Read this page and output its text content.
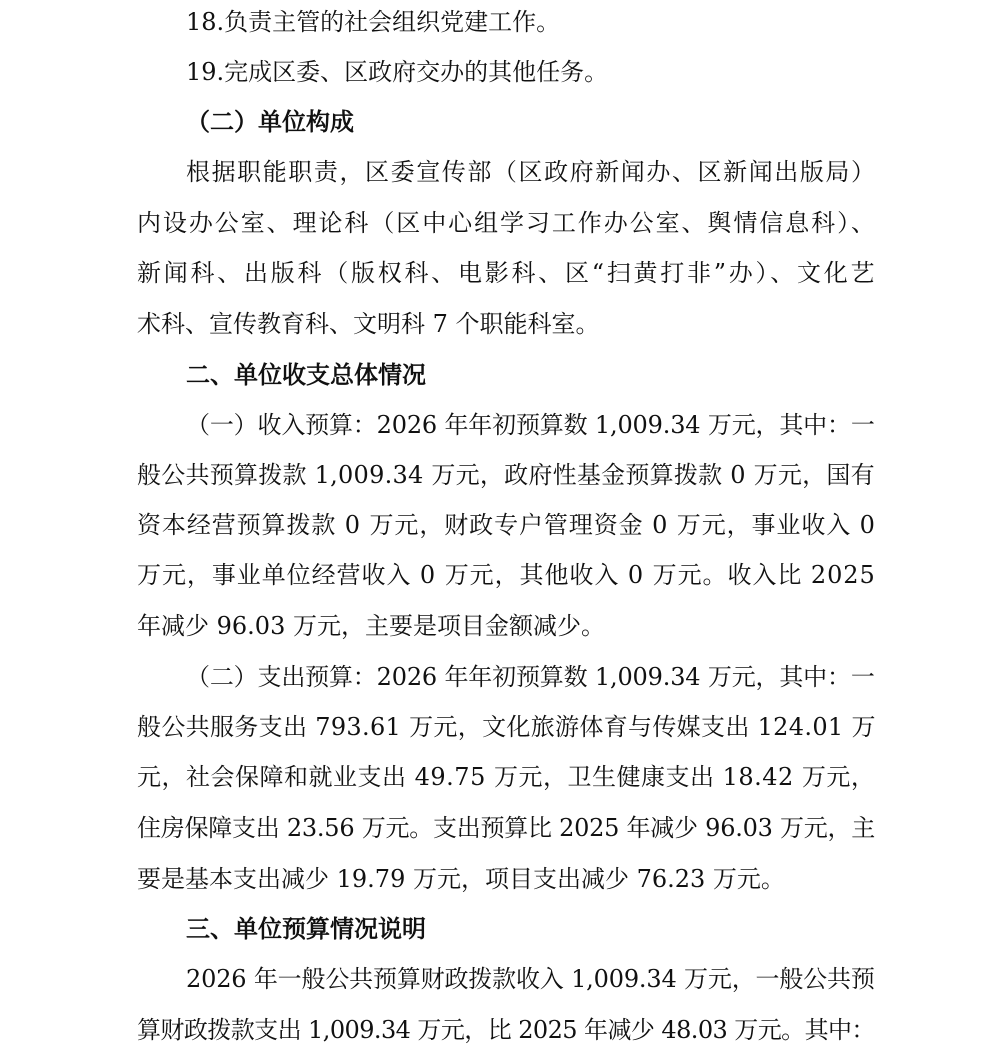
18.负责主管的社会组织党建工作。
19.完成区委、区政府交办的其他任务。
（二）单位构成
根据职能职责，区委宣传部（区政府新闻办、区新闻出版局）
内设办公室、理论科（区中心组学习工作办公室、舆情信息科）、
新闻科、出版科（版权科、电影科、区“扫黄打非”办）、文化艺
术科、宣传教育科、文明科 7 个职能科室。
二、单位收支总体情况
（一）收入预算：2026 年年初预算数 1,009.34 万元，其中：一
般公共预算拨款 1,009.34 万元，政府性基金预算拨款 0 万元，国有
资本经营预算拨款 0 万元，财政专户管理资金 0 万元，事业收入 0
万元，事业单位经营收入 0 万元，其他收入 0 万元。收入比 2025
年减少 96.03 万元，主要是项目金额减少。
（二）支出预算：2026 年年初预算数 1,009.34 万元，其中：一
般公共服务支出 793.61 万元，文化旅游体育与传媒支出 124.01 万
元，社会保障和就业支出 49.75 万元，卫生健康支出 18.42 万元，
住房保障支出 23.56 万元。支出预算比 2025 年减少 96.03 万元，主
要是基本支出减少 19.79 万元，项目支出减少 76.23 万元。
三、单位预算情况说明
2026 年一般公共预算财政拨款收入 1,009.34 万元，一般公共预
算财政拨款支出 1,009.34 万元，比 2025 年减少 48.03 万元。其中：
